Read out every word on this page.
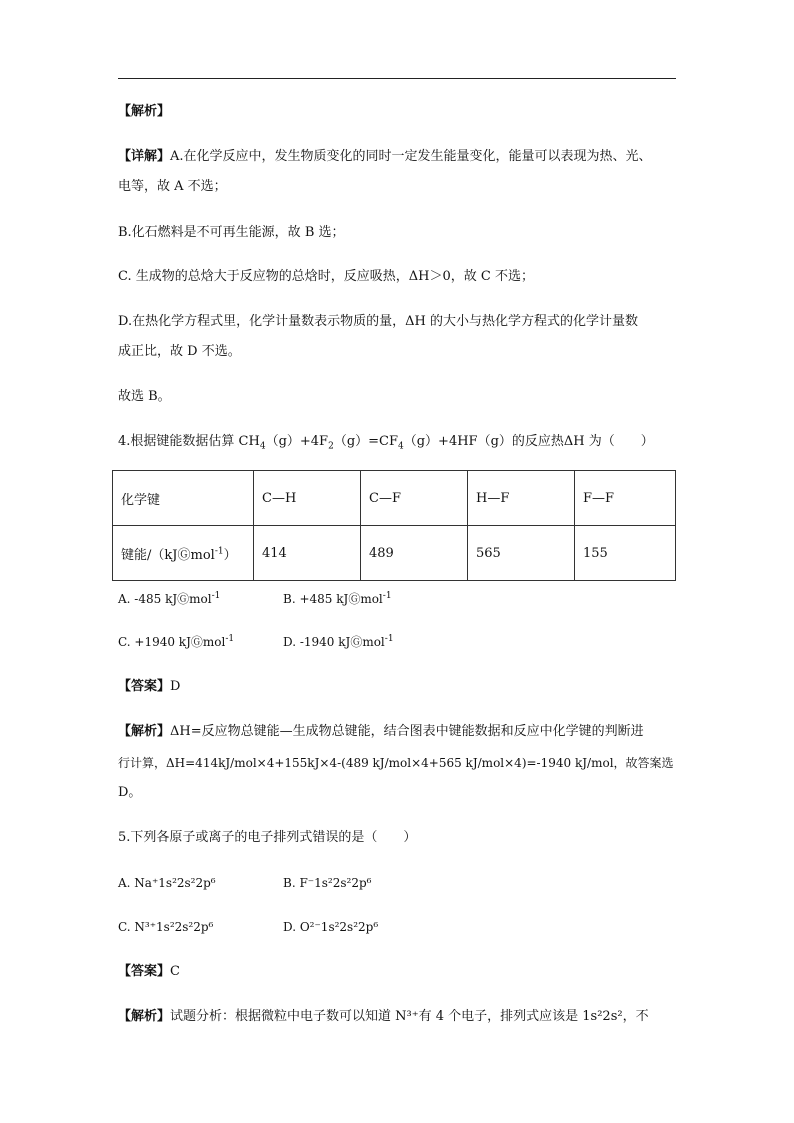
【解析】
【详解】A.在化学反应中，发生物质变化的同时一定发生能量变化，能量可以表现为热、光、
电等，故 A 不选；
B.化石燃料是不可再生能源，故 B 选；
C. 生成物的总焓大于反应物的总焓时，反应吸热，ΔH＞0，故 C 不选；
D.在热化学方程式里，化学计量数表示物质的量，ΔH 的大小与热化学方程式的化学计量数
成正比，故 D 不选。
故选 B。
4.根据键能数据估算 $CH_4(g)+4F_2(g)=CF_4(g)+4HF(g)$的反应热ΔH 为（　　）
化学键	C—H	C—F	H—F	F—F
键能/（kJⒼmol$^{-1}$）	414	489	565	155
A. -485 kJⒼmol$^{-1}$	B. +485 kJⒼmol$^{-1}$
C. +1940 kJⒼmol$^{-1}$	D. -1940 kJⒼmol$^{-1}$
【答案】D
【解析】ΔH=反应物总键能—生成物总键能，结合图表中键能数据和反应中化学键的判断进
行计算，ΔH=414kJ/mol×4+155kJ×4-(489 kJ/mol×4+565 kJ/mol×4)=-1940 kJ/mol，故答案选
D。
5.下列各原子或离子的电子排列式错误的是（　　）
A. Na⁺1s²2s²2p⁶	B. F⁻1s²2s²2p⁶
C. N³⁺1s²2s²2p⁶	D. O²⁻1s²2s²2p⁶
【答案】C
【解析】试题分析：根据微粒中电子数可以知道 N³⁺有 4 个电子，排列式应该是 1s²2s²，不
